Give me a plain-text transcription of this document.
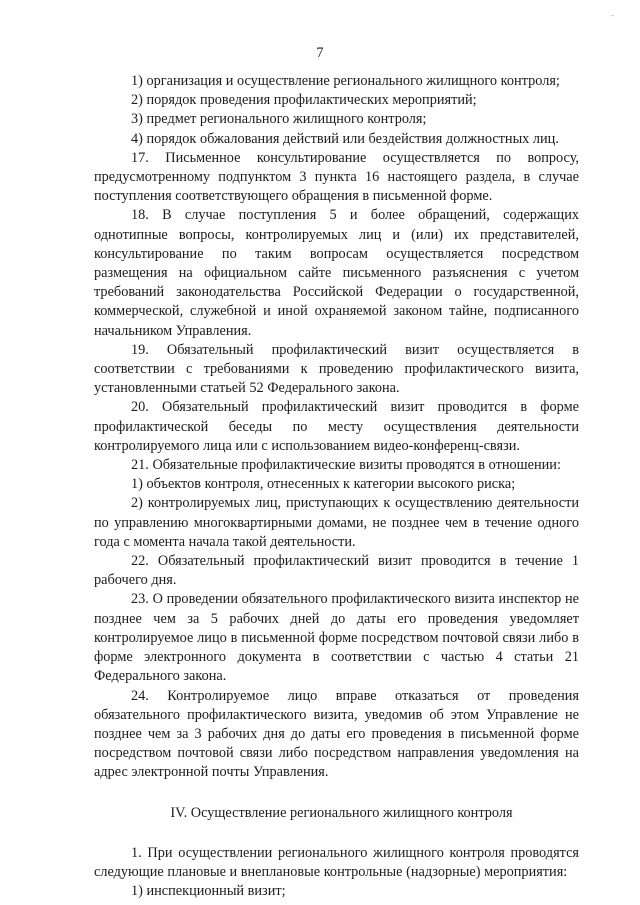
-
7

1) организация и осуществление регионального жилищного контроля;

2) порядок проведения профилактических мероприятий;

3) предмет регионального жилищного контроля;

4) порядок обжалования действий или бездействия должностных лиц.

17. Письменное консультирование осуществляется по вопросу, предусмотренному подпунктом 3 пункта 16 настоящего раздела, в случае поступления соответствующего обращения в письменной форме.

18. В случае поступления 5 и более обращений, содержащих однотипные вопросы, контролируемых лиц и (или) их представителей, консультирование по таким вопросам осуществляется посредством размещения на официальном сайте письменного разъяснения с учетом требований законодательства Российской Федерации о государственной, коммерческой, служебной и иной охраняемой законом тайне, подписанного начальником Управления.

19. Обязательный профилактический визит осуществляется в соответствии с требованиями к проведению профилактического визита, установленными статьей 52 Федерального закона.

20. Обязательный профилактический визит проводится в форме профилактической беседы по месту осуществления деятельности контролируемого лица или с использованием видео-конференц-связи.

21. Обязательные профилактические визиты проводятся в отношении:

1) объектов контроля, отнесенных к категории высокого риска;

2) контролируемых лиц, приступающих к осуществлению деятельности по управлению многоквартирными домами, не позднее чем в течение одного года с момента начала такой деятельности.

22. Обязательный профилактический визит проводится в течение 1 рабочего дня.

23. О проведении обязательного профилактического визита инспектор не позднее чем за 5 рабочих дней до даты его проведения уведомляет контролируемое лицо в письменной форме посредством почтовой связи либо в форме электронного документа в соответствии с частью 4 статьи 21 Федерального закона.

24. Контролируемое лицо вправе отказаться от проведения обязательного профилактического визита, уведомив об этом Управление не позднее чем за 3 рабочих дня до даты его проведения в письменной форме посредством почтовой связи либо посредством направления уведомления на адрес электронной почты Управления.

IV. Осуществление регионального жилищного контроля

1. При осуществлении регионального жилищного контроля проводятся следующие плановые и внеплановые контрольные (надзорные) мероприятия:

1) инспекционный визит;
